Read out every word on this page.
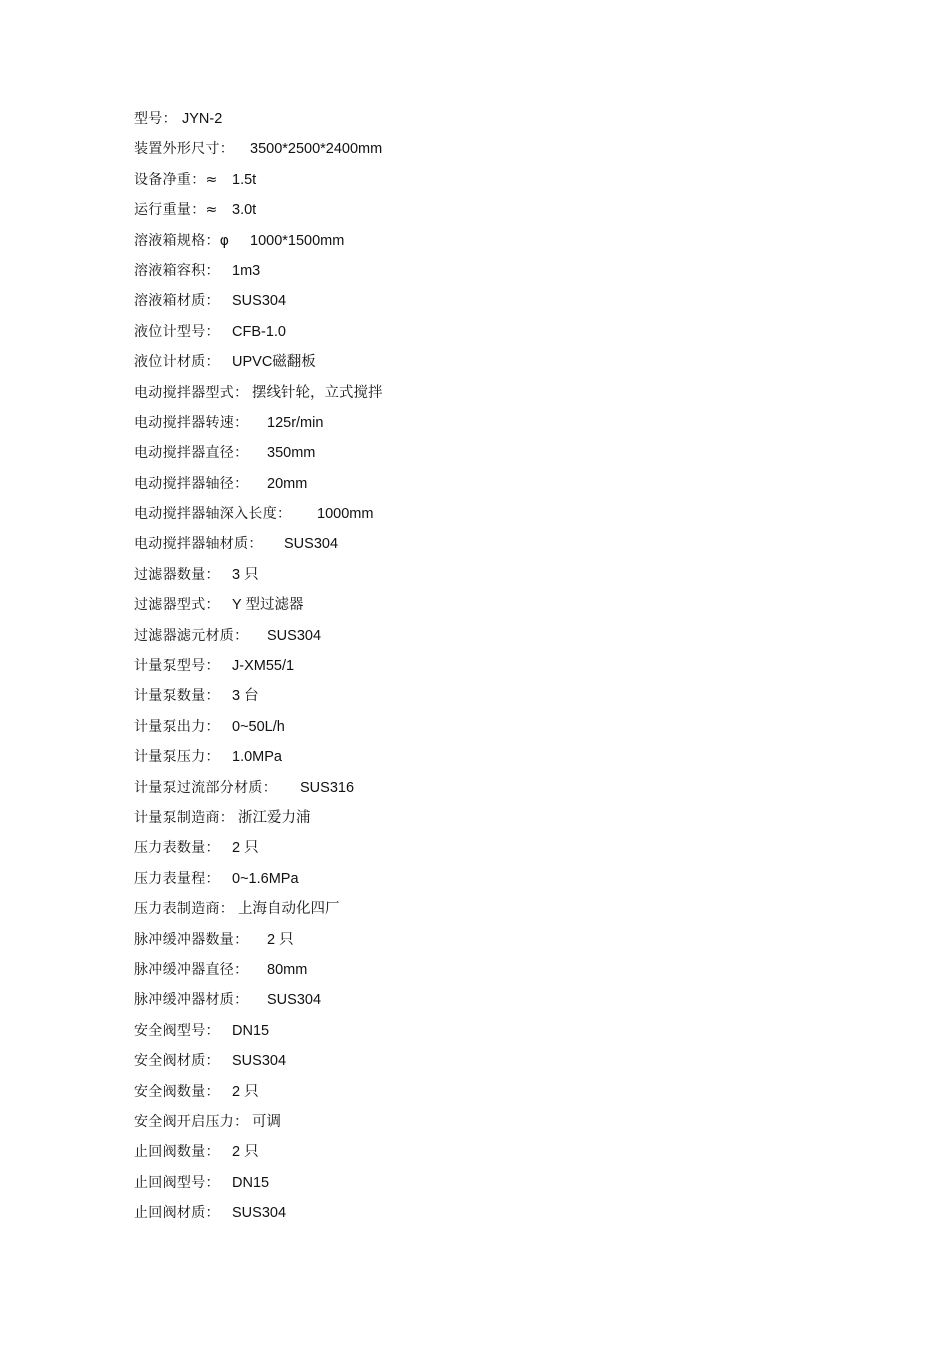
型号： JYN-2
装置外形尺寸：	3500*2500*2400mm
设备净重：≈ 1.5t
运行重量：≈ 3.0t
溶液箱规格：φ	1000*1500mm
溶液箱容积： 1m3
溶液箱材质： SUS304
液位计型号： CFB-1.0
液位计材质： UPVC磁翻板
电动搅拌器型式： 摆线针轮，立式搅拌
电动搅拌器转速：	125r/min
电动搅拌器直径：	350mm
电动搅拌器轴径：	20mm
电动搅拌器轴深入长度：	1000mm
电动搅拌器轴材质：	SUS304
过滤器数量： 3 只
过滤器型式： Y 型过滤器
过滤器滤元材质：	SUS304
计量泵型号： J-XM55/1
计量泵数量： 3 台
计量泵出力： 0~50L/h
计量泵压力： 1.0MPa
计量泵过流部分材质：	SUS316
计量泵制造商： 浙江爱力浦
压力表数量： 2 只
压力表量程： 0~1.6MPa
压力表制造商： 上海自动化四厂
脉冲缓冲器数量：	2 只
脉冲缓冲器直径：	80mm
脉冲缓冲器材质：	SUS304
安全阀型号： DN15
安全阀材质： SUS304
安全阀数量： 2 只
安全阀开启压力： 可调
止回阀数量： 2 只
止回阀型号： DN15
止回阀材质： SUS304
